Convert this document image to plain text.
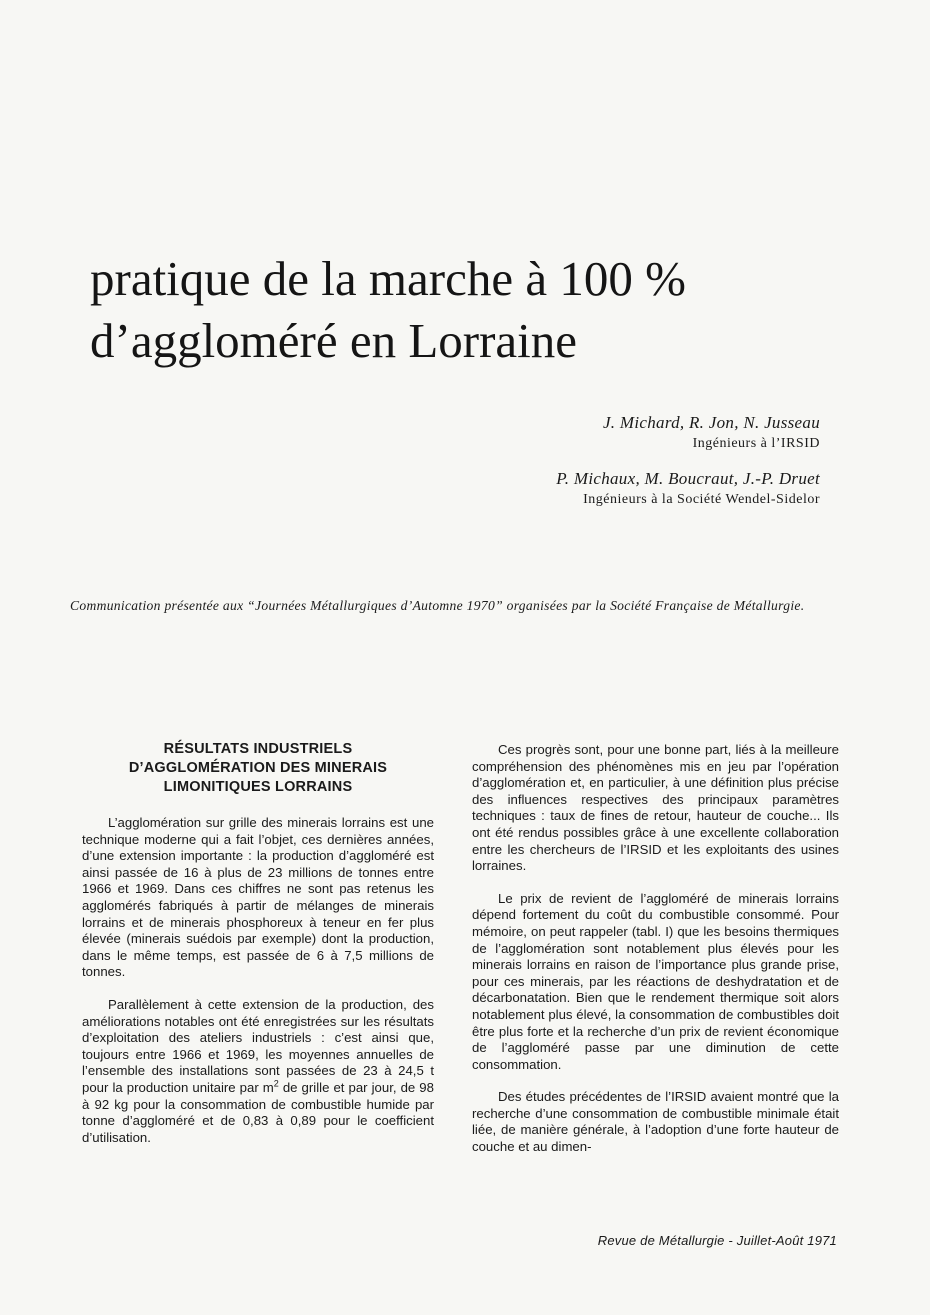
pratique de la marche à 100 %
d’aggloméré en Lorraine
J. Michard, R. Jon, N. Jusseau
Ingénieurs à l’IRSID
P. Michaux, M. Boucraut, J.-P. Druet
Ingénieurs à la Société Wendel-Sidelor
Communication présentée aux “Journées Métallurgiques d’Automne 1970” organisées par la Société Française de Métallurgie.
RÉSULTATS INDUSTRIELS
D’AGGLOMÉRATION DES MINERAIS
LIMONITIQUES LORRAINS

L’agglomération sur grille des minerais lorrains est une technique moderne qui a fait l’objet, ces dernières années, d’une extension importante : la production d’aggloméré est ainsi passée de 16 à plus de 23 millions de tonnes entre 1966 et 1969. Dans ces chiffres ne sont pas retenus les agglomérés fabriqués à partir de mélanges de minerais lorrains et de minerais phosphoreux à teneur en fer plus élevée (minerais suédois par exemple) dont la production, dans le même temps, est passée de 6 à 7,5 millions de tonnes.

Parallèlement à cette extension de la production, des améliorations notables ont été enregistrées sur les résultats d’exploitation des ateliers industriels : c’est ainsi que, toujours entre 1966 et 1969, les moyennes annuelles de l’ensemble des installations sont passées de 23 à 24,5 t pour la production unitaire par $m^2$ de grille et par jour, de 98 à 92 kg pour la consommation de combustible humide par tonne d’aggloméré et de 0,83 à 0,89 pour le coefficient d’utilisation.

Ces progrès sont, pour une bonne part, liés à la meilleure compréhension des phénomènes mis en jeu par l’opération d’agglomération et, en particulier, à une définition plus précise des influences respectives des principaux paramètres techniques : taux de fines de retour, hauteur de couche... Ils ont été rendus possibles grâce à une excellente collaboration entre les chercheurs de l’IRSID et les exploitants des usines lorraines.

Le prix de revient de l’aggloméré de minerais lorrains dépend fortement du coût du combustible consommé. Pour mémoire, on peut rappeler (tabl. I) que les besoins thermiques de l’agglomération sont notablement plus élevés pour les minerais lorrains en raison de l’importance plus grande prise, pour ces minerais, par les réactions de deshydratation et de décarbonatation. Bien que le rendement thermique soit alors notablement plus élevé, la consommation de combustibles doit être plus forte et la recherche d’un prix de revient économique de l’aggloméré passe par une diminution de cette consommation.

Des études précédentes de l’IRSID avaient montré que la recherche d’une consommation de combustible minimale était liée, de manière générale, à l’adoption d’une forte hauteur de couche et au dimen-

Revue de Métallurgie - Juillet-Août 1971
